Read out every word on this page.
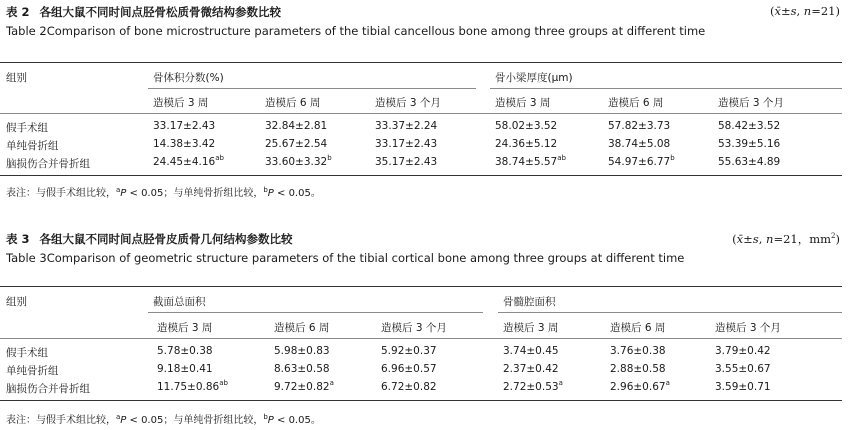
表 2 各组大鼠不同时间点胫骨松质骨微结构参数比较	(x̄±s, n=21)
Table 2Comparison of bone microstructure parameters of the tibial cancellous bone among three groups at different time
组别	骨体积分数(%)	骨小梁厚度(μm)
造模后 3 周	造模后 6 周	造模后 3 个月	造模后 3 周	造模后 6 周	造模后 3 个月
假手术组	33.17±2.43	32.84±2.81	33.37±2.24	58.02±3.52	57.82±3.73	58.42±3.52
单纯骨折组	14.38±3.42	25.67±2.54	33.17±2.43	24.36±5.12	38.74±5.08	53.39±5.16
脑损伤合并骨折组	24.45±4.16$^{ab}$	33.60±3.32$^b$	35.17±2.43	38.74±5.57$^{ab}$	54.97±6.77$^b$	55.63±4.89
表注：与假手术组比较，$^a$P < 0.05；与单纯骨折组比较，$^b$P < 0.05。
表 3 各组大鼠不同时间点胫骨皮质骨几何结构参数比较	(x̄±s, n=21，$mm^2$)
Table 3Comparison of geometric structure parameters of the tibial cortical bone among three groups at different time
组别	截面总面积	骨髓腔面积
造模后 3 周	造模后 6 周	造模后 3 个月	造模后 3 周	造模后 6 周	造模后 3 个月
假手术组	5.78±0.38	5.98±0.83	5.92±0.37	3.74±0.45	3.76±0.38	3.79±0.42
单纯骨折组	9.18±0.41	8.63±0.58	6.96±0.57	2.37±0.42	2.88±0.58	3.55±0.67
脑损伤合并骨折组	11.75±0.86$^{ab}$	9.72±0.82$^a$	6.72±0.82	2.72±0.53$^a$	2.96±0.67$^a$	3.59±0.71
表注：与假手术组比较，$^a$P < 0.05；与单纯骨折组比较，$^b$P < 0.05。
